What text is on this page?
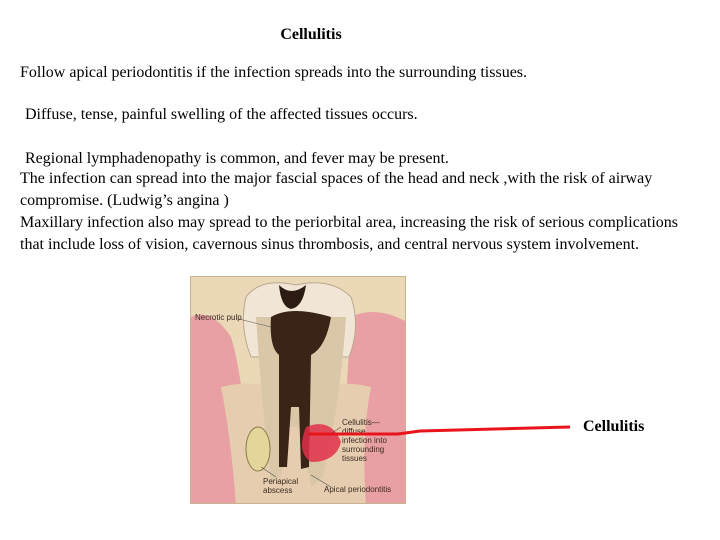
Cellulitis
Follow apical periodontitis if the infection spreads into the surrounding tissues.
Diffuse, tense, painful swelling of the affected tissues occurs.
Regional lymphadenopathy is common, and fever may be present.
The infection can spread into the major fascial spaces of the head and neck ,with the risk of airway compromise. (Ludwig’s angina )
Maxillary infection also may spread to the periorbital area, increasing the risk of serious complications that include loss of vision, cavernous sinus thrombosis, and central nervous system involvement.
Necrotic pulp
Cellulitis—
diffuse
infection into
surrounding
tissues
Periapical
abscess	Apical periodontitis
Cellulitis
